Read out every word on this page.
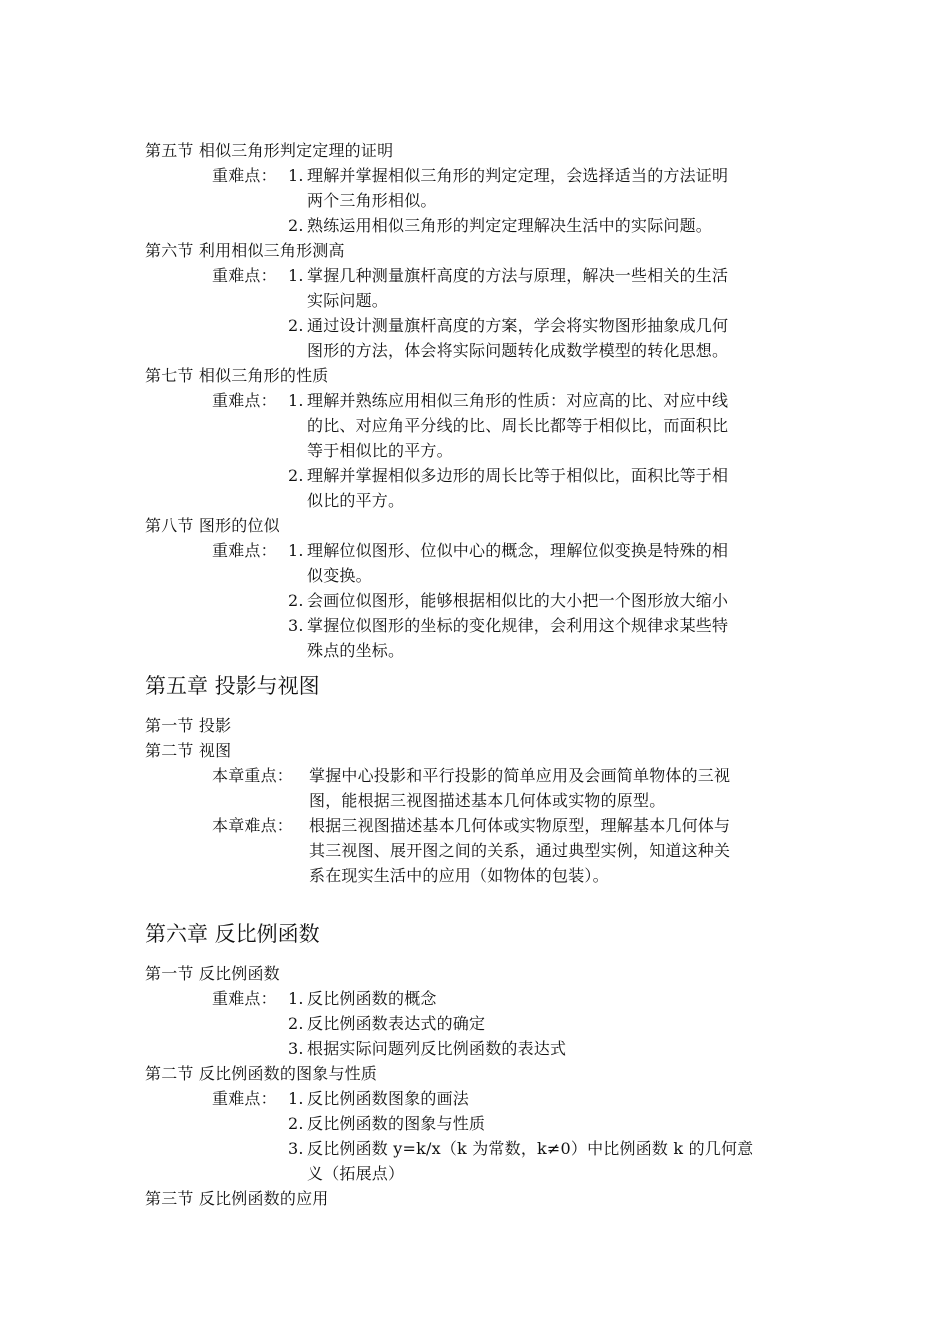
第五节 相似三角形判定定理的证明
重难点： 1. 理解并掌握相似三角形的判定定理，会选择适当的方法证明
两个三角形相似。
2. 熟练运用相似三角形的判定定理解决生活中的实际问题。
第六节 利用相似三角形测高
重难点： 1. 掌握几种测量旗杆高度的方法与原理，解决一些相关的生活
实际问题。
2. 通过设计测量旗杆高度的方案，学会将实物图形抽象成几何
图形的方法，体会将实际问题转化成数学模型的转化思想。
第七节 相似三角形的性质
重难点： 1. 理解并熟练应用相似三角形的性质：对应高的比、对应中线
的比、对应角平分线的比、周长比都等于相似比，而面积比
等于相似比的平方。
2. 理解并掌握相似多边形的周长比等于相似比，面积比等于相
似比的平方。
第八节 图形的位似
重难点： 1. 理解位似图形、位似中心的概念，理解位似变换是特殊的相
似变换。
2. 会画位似图形，能够根据相似比的大小把一个图形放大缩小
3. 掌握位似图形的坐标的变化规律，会利用这个规律求某些特
殊点的坐标。
第五章 投影与视图
第一节 投影
第二节 视图
本章重点： 掌握中心投影和平行投影的简单应用及会画简单物体的三视
图，能根据三视图描述基本几何体或实物的原型。
本章难点： 根据三视图描述基本几何体或实物原型，理解基本几何体与
其三视图、展开图之间的关系，通过典型实例，知道这种关
系在现实生活中的应用（如物体的包装）。
第六章 反比例函数
第一节 反比例函数
重难点： 1. 反比例函数的概念
2. 反比例函数表达式的确定
3. 根据实际问题列反比例函数的表达式
第二节 反比例函数的图象与性质
重难点： 1. 反比例函数图象的画法
2. 反比例函数的图象与性质
3. 反比例函数 y=k/x（k 为常数，k≠0）中比例函数 k 的几何意
义（拓展点）
第三节 反比例函数的应用
